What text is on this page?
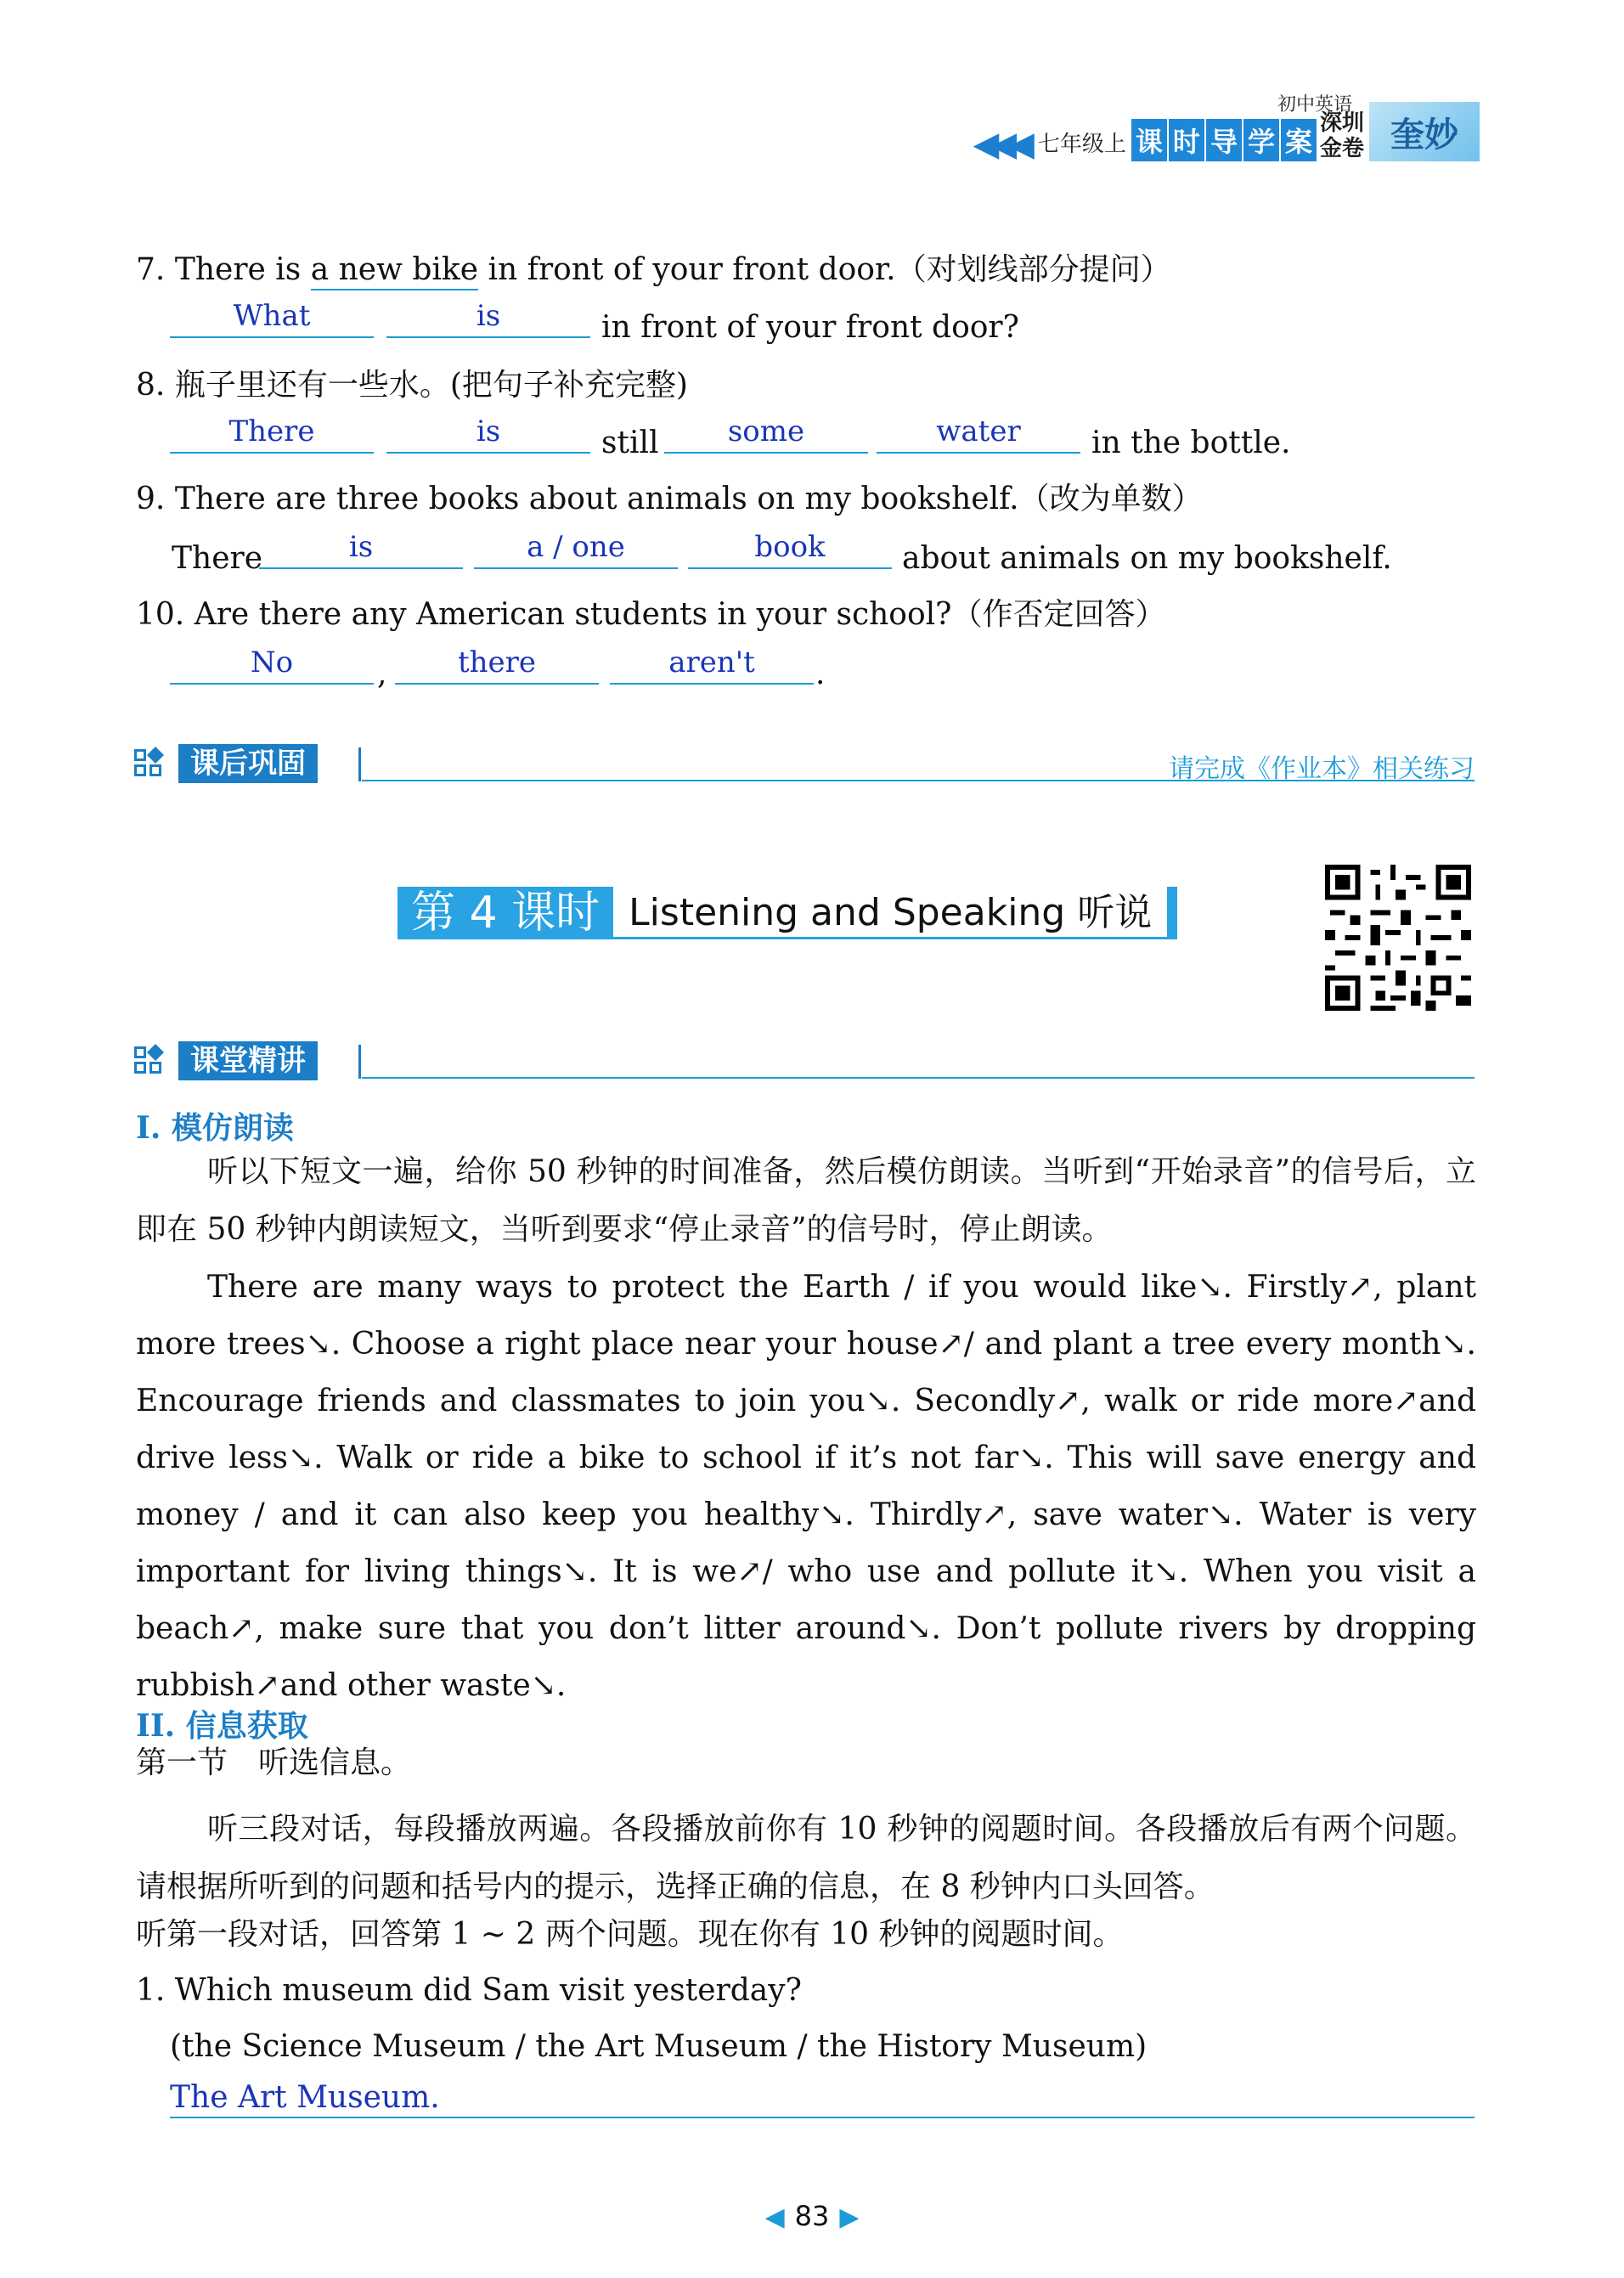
初中英语
◀◀◀ 七年级上 课 时 导 学 案
深圳
金卷 奎妙
7. There is a new bike in front of your front door.（对划线部分提问）
What	is	in front of your front door?
8. 瓶子里还有一些水。(把句子补充完整)
There	is	still	some	water	in the bottle.
9. There are three books about animals on my bookshelf.（改为单数）
There	is	a / one	book	about animals on my bookshelf.
10. Are there any American students in your school?（作否定回答）
No	,	there	aren't	.
课后巩固	请完成《作业本》相关练习
第 4 课时 Listening and Speaking 听说
课堂精讲
I. 模仿朗读
听以下短文一遍，给你 50 秒钟的时间准备，然后模仿朗读。当听到“开始录音”的信号后，立即在 50 秒钟内朗读短文，当听到要求“停止录音”的信号时，停止朗读。
There are many ways to protect the Earth / if you would like↘. Firstly↗, plant more trees↘. Choose a right place near your house↗/ and plant a tree every month↘. Encourage friends and classmates to join you↘. Secondly↗, walk or ride more↗and drive less↘. Walk or ride a bike to school if it’s not far↘. This will save energy and money / and it can also keep you healthy↘. Thirdly↗, save water↘. Water is very important for living things↘. It is we↗/ who use and pollute it↘. When you visit a beach↗, make sure that you don’t litter around↘. Don’t pollute rivers by dropping rubbish↗and other waste↘.
II. 信息获取
第一节　听选信息。
听三段对话，每段播放两遍。各段播放前你有 10 秒钟的阅题时间。各段播放后有两个问题。请根据所听到的问题和括号内的提示，选择正确的信息，在 8 秒钟内口头回答。
听第一段对话，回答第 1 ~ 2 两个问题。现在你有 10 秒钟的阅题时间。
1. Which museum did Sam visit yesterday?
(the Science Museum / the Art Museum / the History Museum)
The Art Museum.
◀ 83 ▶
